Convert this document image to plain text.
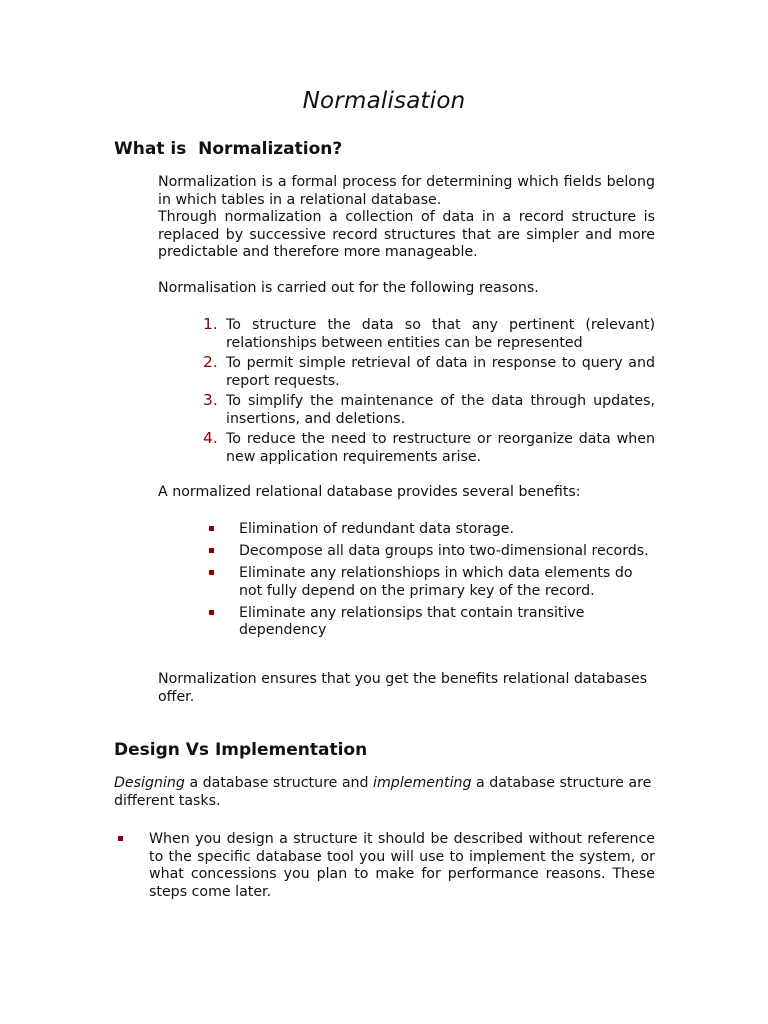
Normalisation
What is  Normalization?

Normalization is a formal process for determining which fields belong in which tables in a relational database.

Through normalization a collection of data in a record structure is replaced by successive record structures that are simpler and more predictable and therefore more manageable.

Normalisation is carried out for the following reasons.

1. To structure the data so that any pertinent (relevant) relationships between entities can be represented
2. To permit simple retrieval of data in response to query and report requests.
3. To simplify the maintenance of the data through updates, insertions, and deletions.
4. To reduce the need to restructure or reorganize data when new application requirements arise.

A normalized relational database provides several benefits:

Elimination of redundant data storage.
Decompose all data groups into two-dimensional records.
Eliminate any relationshiops in which data elements do not fully depend on the primary key of the record.
Eliminate any relationsips that contain transitive dependency

Normalization ensures that you get the benefits relational databases offer.

Design Vs Implementation

Designing a database structure and implementing a database structure are different tasks.

When you design a structure it should be described without reference to the specific database tool you will use to implement the system, or what concessions you plan to make for performance reasons. These steps come later.
